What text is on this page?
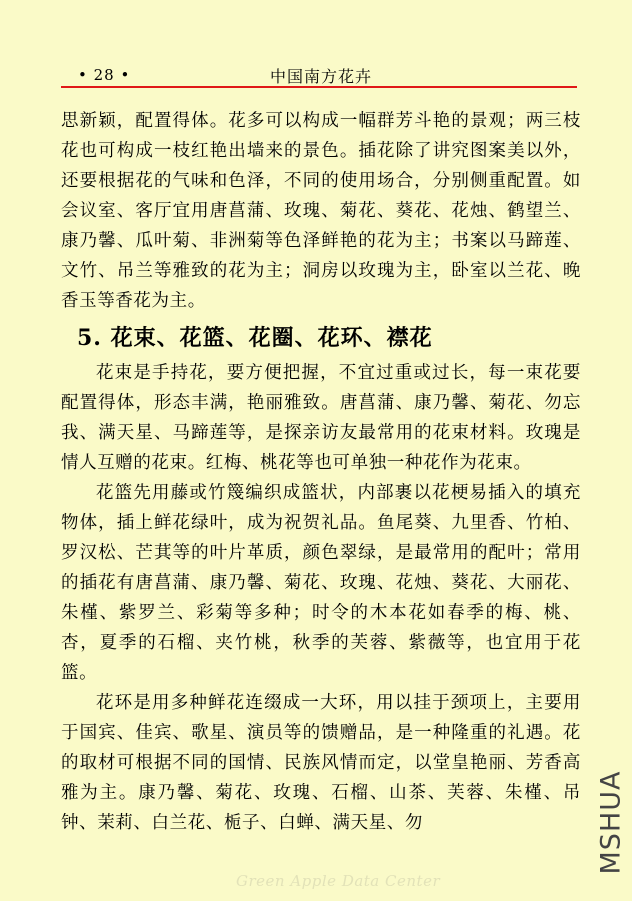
• 28 •	中国南方花卉

思新颖，配置得体。花多可以构成一幅群芳斗艳的景观；两三枝花也可构成一枝红艳出墙来的景色。插花除了讲究图案美以外，还要根据花的气味和色泽，不同的使用场合，分别侧重配置。如会议室、客厅宜用唐菖蒲、玫瑰、菊花、葵花、花烛、鹤望兰、康乃馨、瓜叶菊、非洲菊等色泽鲜艳的花为主；书案以马蹄莲、文竹、吊兰等雅致的花为主；洞房以玫瑰为主，卧室以兰花、晚香玉等香花为主。

5. 花束、花篮、花圈、花环、襟花

花束是手持花，要方便把握，不宜过重或过长，每一束花要配置得体，形态丰满，艳丽雅致。唐菖蒲、康乃馨、菊花、勿忘我、满天星、马蹄莲等，是探亲访友最常用的花束材料。玫瑰是情人互赠的花束。红梅、桃花等也可单独一种花作为花束。

花篮先用藤或竹篾编织成篮状，内部裹以花梗易插入的填充物体，插上鲜花绿叶，成为祝贺礼品。鱼尾葵、九里香、竹柏、罗汉松、芒萁等的叶片革质，颜色翠绿，是最常用的配叶；常用的插花有唐菖蒲、康乃馨、菊花、玫瑰、花烛、葵花、大丽花、朱槿、紫罗兰、彩菊等多种；时令的木本花如春季的梅、桃、杏，夏季的石榴、夹竹桃，秋季的芙蓉、紫薇等，也宜用于花篮。

花环是用多种鲜花连缀成一大环，用以挂于颈项上，主要用于国宾、佳宾、歌星、演员等的馈赠品，是一种隆重的礼遇。花的取材可根据不同的国情、民族风情而定，以堂皇艳丽、芳香高雅为主。康乃馨、菊花、玫瑰、石榴、山茶、芙蓉、朱槿、吊钟、茉莉、白兰花、栀子、白蝉、满天星、勿

Green Apple Data Center
MSHUA
